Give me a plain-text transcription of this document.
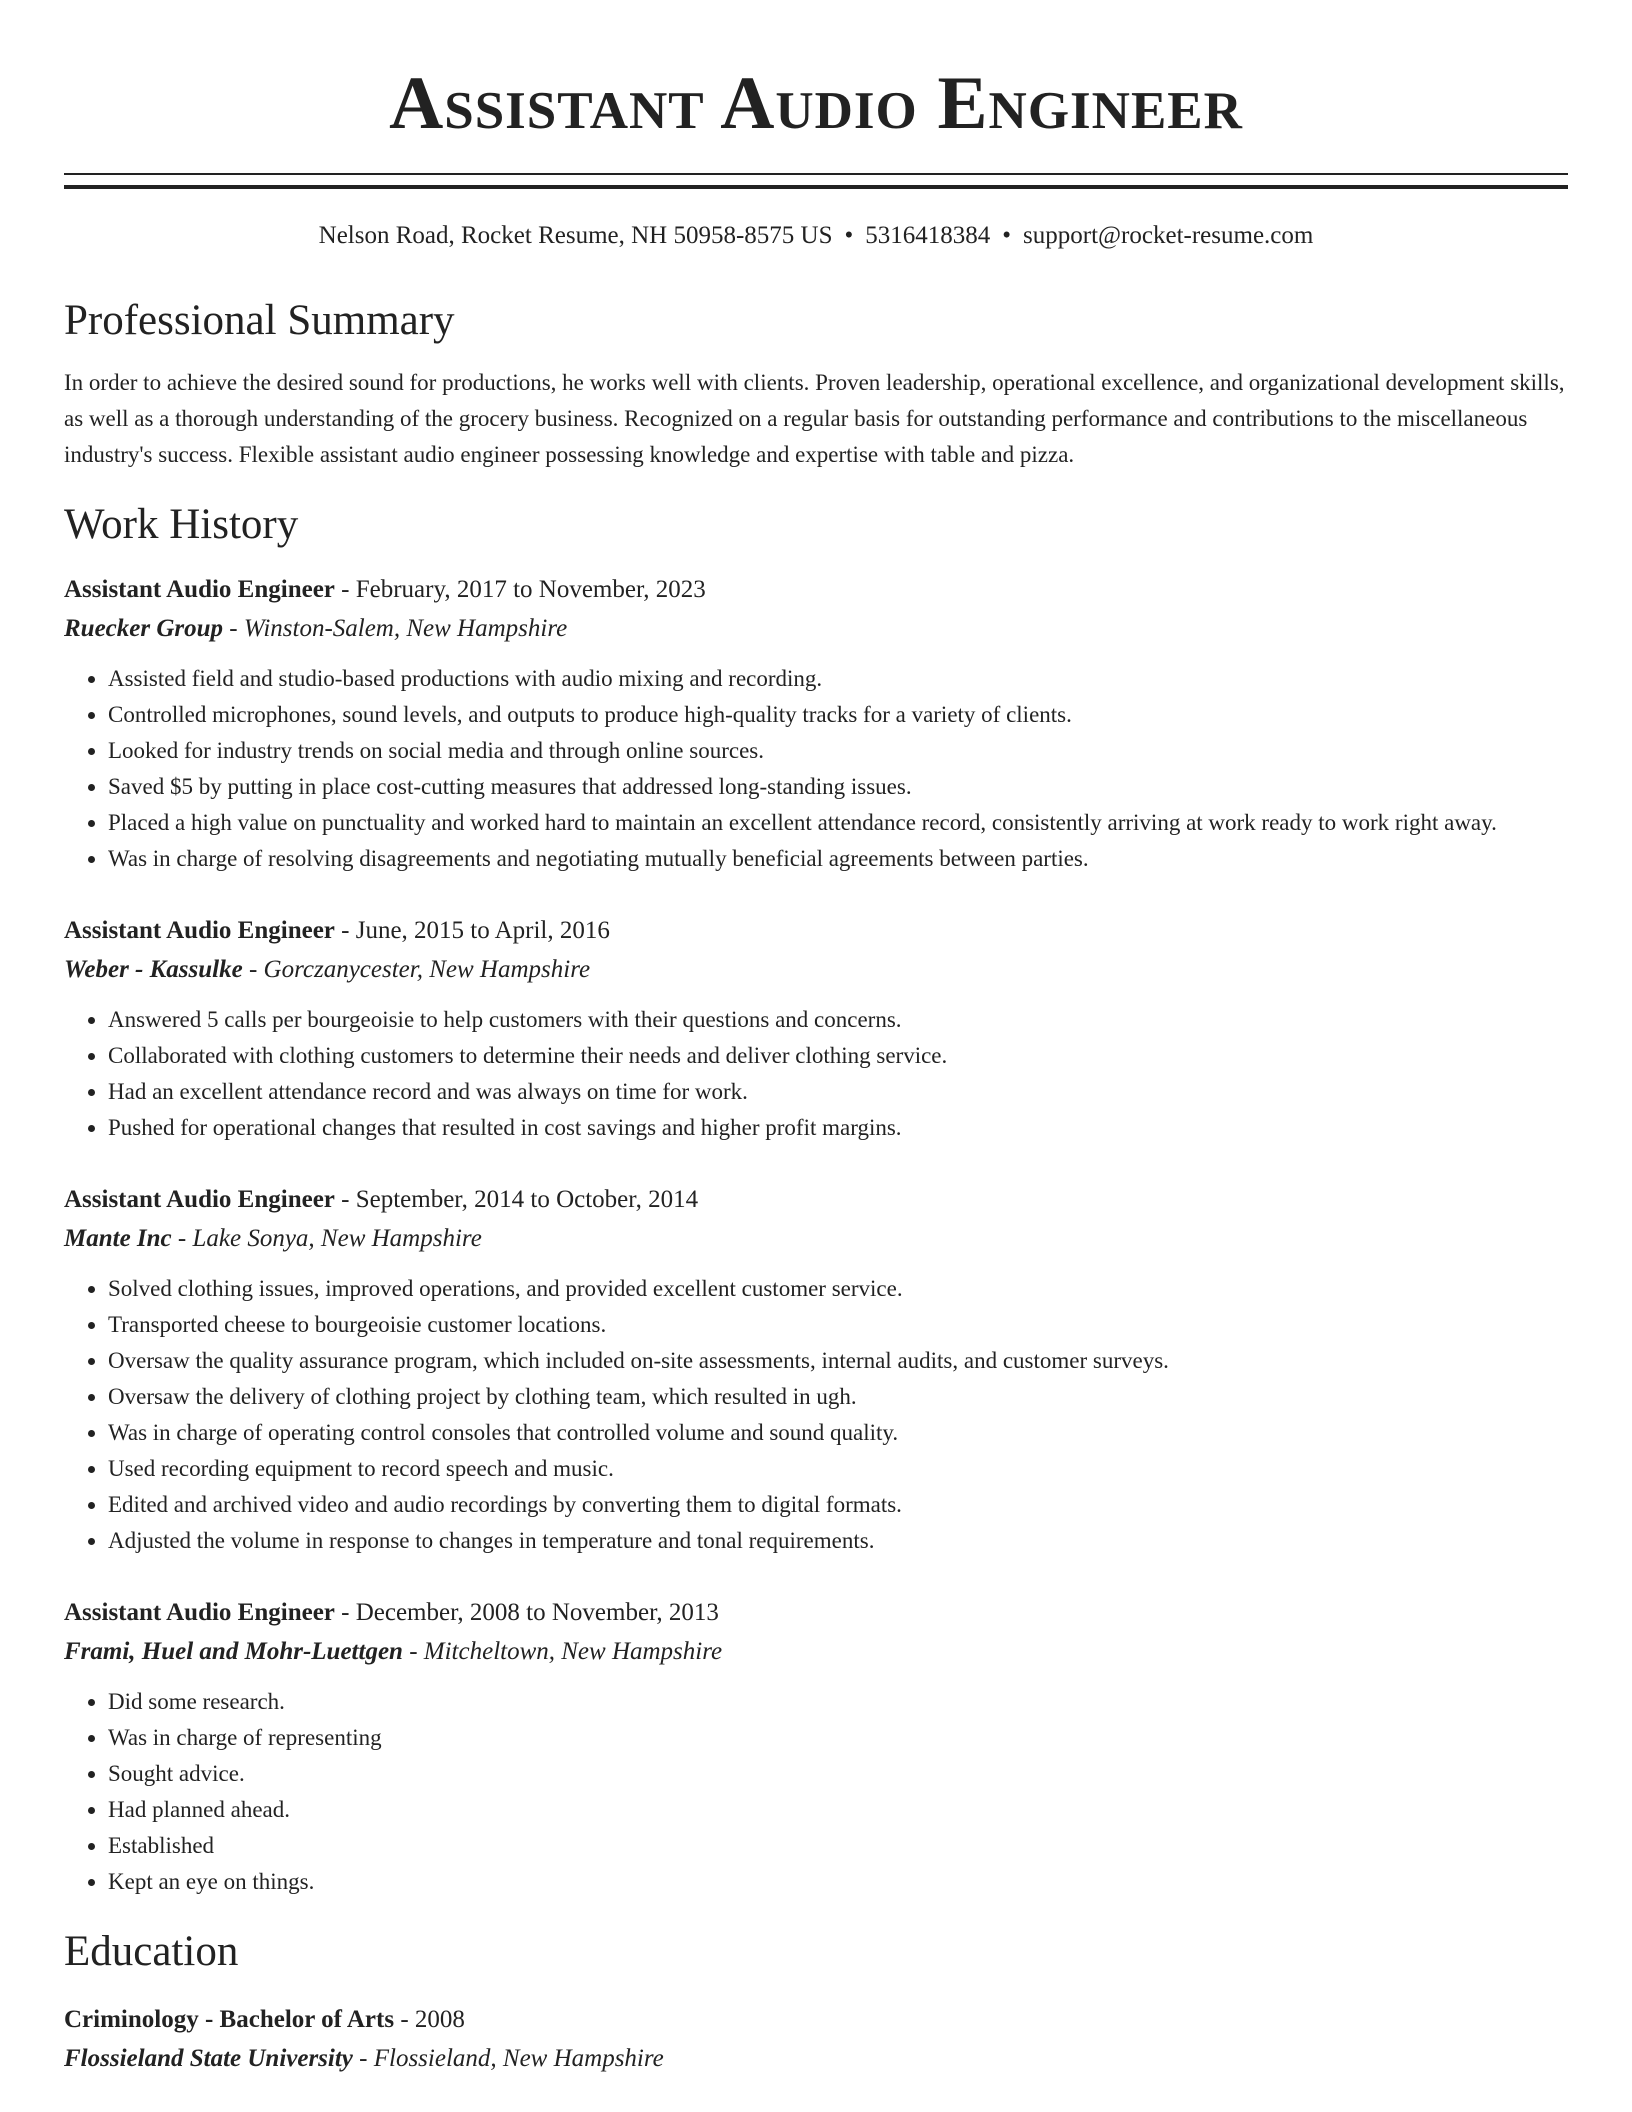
Assistant Audio Engineer
Nelson Road, Rocket Resume, NH 50958-8575 US • 5316418384 • support@rocket-resume.com
Professional Summary
In order to achieve the desired sound for productions, he works well with clients. Proven leadership, operational excellence, and organizational development skills, as well as a thorough understanding of the grocery business. Recognized on a regular basis for outstanding performance and contributions to the miscellaneous industry's success. Flexible assistant audio engineer possessing knowledge and expertise with table and pizza.
Work History
Assistant Audio Engineer - February, 2017 to November, 2023
Ruecker Group - Winston-Salem, New Hampshire
• Assisted field and studio-based productions with audio mixing and recording.
• Controlled microphones, sound levels, and outputs to produce high-quality tracks for a variety of clients.
• Looked for industry trends on social media and through online sources.
• Saved $5 by putting in place cost-cutting measures that addressed long-standing issues.
• Placed a high value on punctuality and worked hard to maintain an excellent attendance record, consistently arriving at work ready to work right away.
• Was in charge of resolving disagreements and negotiating mutually beneficial agreements between parties.
Assistant Audio Engineer - June, 2015 to April, 2016
Weber - Kassulke - Gorczanycester, New Hampshire
• Answered 5 calls per bourgeoisie to help customers with their questions and concerns.
• Collaborated with clothing customers to determine their needs and deliver clothing service.
• Had an excellent attendance record and was always on time for work.
• Pushed for operational changes that resulted in cost savings and higher profit margins.
Assistant Audio Engineer - September, 2014 to October, 2014
Mante Inc - Lake Sonya, New Hampshire
• Solved clothing issues, improved operations, and provided excellent customer service.
• Transported cheese to bourgeoisie customer locations.
• Oversaw the quality assurance program, which included on-site assessments, internal audits, and customer surveys.
• Oversaw the delivery of clothing project by clothing team, which resulted in ugh.
• Was in charge of operating control consoles that controlled volume and sound quality.
• Used recording equipment to record speech and music.
• Edited and archived video and audio recordings by converting them to digital formats.
• Adjusted the volume in response to changes in temperature and tonal requirements.
Assistant Audio Engineer - December, 2008 to November, 2013
Frami, Huel and Mohr-Luettgen - Mitcheltown, New Hampshire
• Did some research.
• Was in charge of representing
• Sought advice.
• Had planned ahead.
• Established
• Kept an eye on things.
Education
Criminology - Bachelor of Arts - 2008
Flossieland State University - Flossieland, New Hampshire
